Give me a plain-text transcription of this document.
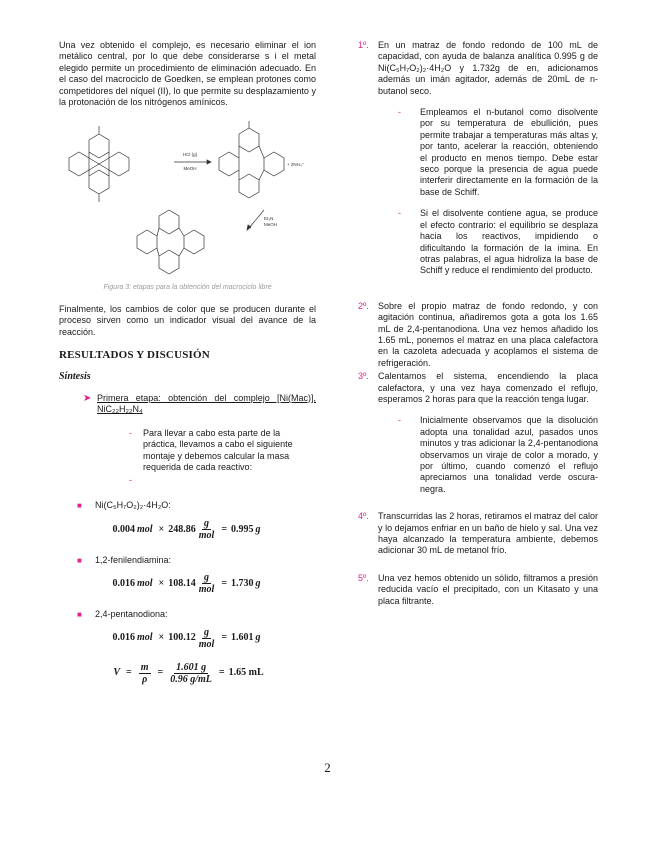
Una vez obtenido el complejo, es necesario eliminar el ion metálico central, por lo que debe considerarse s i el metal elegido permite un procedimiento de eliminación adecuado. En el caso del macrociclo de Goedken, se emplean protones como competidores del níquel (II), lo que permite su desplazamiento y la protonación de los nitrógenos amínicos.

HCl (g)
MeOH
+ 2NH₄⁺
Et₃N
MeOH
Figura 3: etapas para la obtención del macrociclo libre

Finalmente, los cambios de color que se producen durante el proceso sirven como un indicador visual del avance de la reacción.

RESULTADOS Y DISCUSIÓN
Síntesis
➤ Primera etapa: obtención del complejo [Ni(Mac)], NiC₂₂H₂₂N₄
-	Para llevar a cabo esta parte de la práctica, llevamos a cabo el siguiente montaje y debemos calcular la masa requerida de cada reactivo:
-
■	Ni(C₅H₇O₂)₂·4H₂O:
0.004 mol × $248.86 \frac{g}{\text{mol}} = 0.995$ g
■	1,2-fenilendiamina:
0.016 mol × $108.14 \frac{g}{\text{mol}} = 1.730$ g
■	2,4-pentanodiona:
0.016 mol × $100.12 \frac{g}{\text{mol}} = 1.601$ g
$V = \frac{m}{\rho} = \frac{1.601 g}{0.96 g/mL} = 1.65$ mL
1º.	En un matraz de fondo redondo de 100 mL de capacidad, con ayuda de balanza analítica 0.995 g de Ni(C₅H₇O₂)₂·4H₂O y 1.732g de en, adicionamos además un imán agitador, además de 20mL de n-butanol seco.
-	Empleamos el n-butanol como disolvente por su temperatura de ebullición, pues permite trabajar a temperaturas más altas y, por tanto, acelerar la reacción, obteniendo el producto en menos tiempo. Debe estar seco porque la presencia de agua puede interferir directamente en la formación de la base de Schiff.
-	Si el disolvente contiene agua, se produce el efecto contrario: el equilibrio se desplaza hacia los reactivos, impidiendo o dificultando la formación de la imina. En otras palabras, el agua hidroliza la base de Schiff y reduce el rendimiento del producto.
2º.	Sobre el propio matraz de fondo redondo, y con agitación continua, añadiremos gota a gota los 1.65 mL de 2,4-pentanodiona. Una vez hemos añadido los 1.65 mL, ponemos el matraz en una placa calefactora en la cazoleta adecuada y acoplamos el sistema de refrigeración.
3º.	Calentamos el sistema, encendiendo la placa calefactora, y una vez haya comenzado el reflujo, esperamos 2 horas para que la reacción tenga lugar.
-	Inicialmente observamos que la disolución adopta una tonalidad azul, pasados unos minutos y tras adicionar la 2,4-pentanodiona observamos un viraje de color a morado, y por último, cuando comenzó el reflujo apreciamos una tonalidad verde oscura-negra.
4º.	Transcurridas las 2 horas, retiramos el matraz del calor y lo dejamos enfriar en un baño de hielo y sal. Una vez haya alcanzado la temperatura ambiente, debemos adicionar 30 mL de metanol frío.
5º.	Una vez hemos obtenido un sólido, filtramos a presión reducida vacío el precipitado, con un Kitasato y una placa filtrante.
2
